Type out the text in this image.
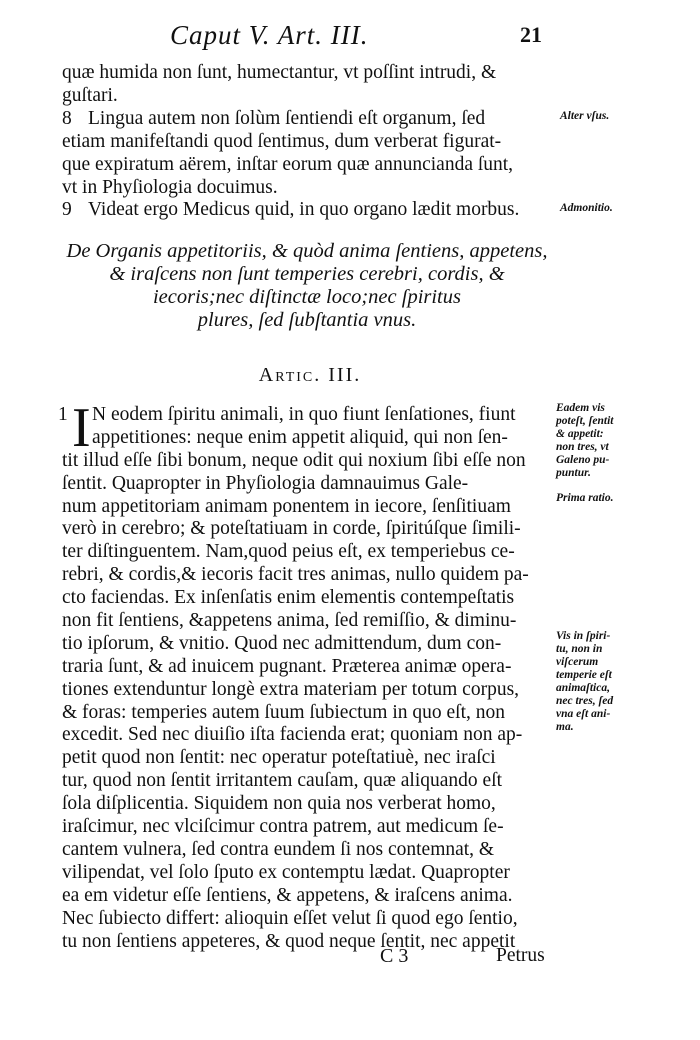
Caput V. Art. III.	21
quæ humida non ſunt, humectantur, vt poſſint intrudi, &
guſtari.
8 Lingua autem non ſolùm ſentiendi eſt organum, ſed
etiam manifeſtandi quod ſentimus, dum verberat figurat-
que expiratum aërem, inſtar eorum quæ annuncianda ſunt,
vt in Phyſiologia docuimus.
9 Videat ergo Medicus quid, in quo organo lædit morbus.
De Organis appetitoriis, & quòd anima ſentiens, appetens,
& iraſcens non ſunt temperies cerebri, cordis, &
iecoris;nec diſtinctæ loco;nec ſpiritus
plures, ſed ſubſtantia vnus.
Artic. III.
1 I N eodem ſpiritu animali, in quo fiunt ſenſationes, fiunt
appetitiones: neque enim appetit aliquid, qui non ſen-
tit illud eſſe ſibi bonum, neque odit qui noxium ſibi eſſe non
ſentit. Quapropter in Phyſiologia damnauimus Gale-
num appetitoriam animam ponentem in iecore, ſenſitiuam
verò in cerebro; & poteſtatiuam in corde, ſpiritúſque ſimili-
ter diſtinguentem. Nam,quod peius eſt, ex temperiebus ce-
rebri, & cordis,& iecoris facit tres animas, nullo quidem pa-
cto faciendas. Ex inſenſatis enim elementis contempeſtatis
non fit ſentiens, &appetens anima, ſed remiſſio, & diminu-
tio ipſorum, & vnitio. Quod nec admittendum, dum con-
traria ſunt, & ad inuicem pugnant. Præterea animæ opera-
tiones extenduntur longè extra materiam per totum corpus,
& foras: temperies autem ſuum ſubiectum in quo eſt, non
excedit. Sed nec diuiſio iſta facienda erat; quoniam non ap-
petit quod non ſentit: nec operatur poteſtatiuè, nec iraſci
tur, quod non ſentit irritantem cauſam, quæ aliquando eſt
ſola diſplicentia. Siquidem non quia nos verberat homo,
iraſcimur, nec vlciſcimur contra patrem, aut medicum ſe-
cantem vulnera, ſed contra eundem ſi nos contemnat, &
vilipendat, vel ſolo ſputo ex contemptu lædat. Quapropter
ea em videtur eſſe ſentiens, & appetens, & iraſcens anima.
Nec ſubiecto differt: alioquin eſſet velut ſi quod ego ſentio,
tu non ſentiens appeteres, & quod neque ſentit, nec appetit
Alter vſus.
Admonitio.
Eadem vis
poteſt, ſentit
& appetit:
non tres, vt
Galeno pu-
puntur.
Prima ratio.
Vis in ſpiri-
tu, non in
viſcerum
temperie eſt
animaſtica,
nec tres, ſed
vna eſt ani-
ma.
C 3	Petrus
